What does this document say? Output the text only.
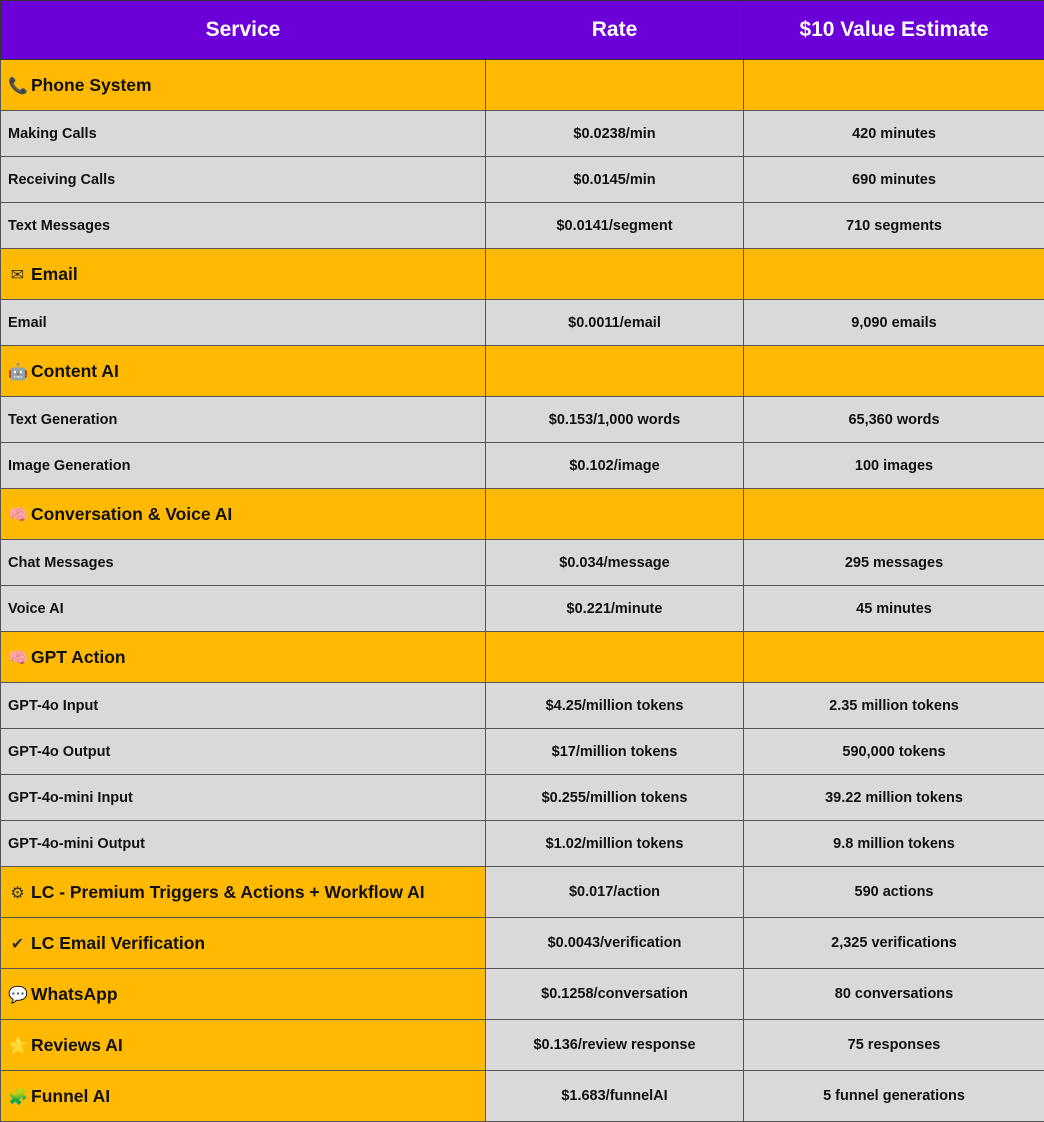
Service	Rate	$10 Value Estimate
📞 Phone System		
Making Calls	$0.0238/min	420 minutes
Receiving Calls	$0.0145/min	690 minutes
Text Messages	$0.0141/segment	710 segments
✉ Email		
Email	$0.0011/email	9,090 emails
🤖 Content AI		
Text Generation	$0.153/1,000 words	65,360 words
Image Generation	$0.102/image	100 images
🧠 Conversation & Voice AI		
Chat Messages	$0.034/message	295 messages
Voice AI	$0.221/minute	45 minutes
🧠 GPT Action		
GPT-4o Input	$4.25/million tokens	2.35 million tokens
GPT-4o Output	$17/million tokens	590,000 tokens
GPT-4o-mini Input	$0.255/million tokens	39.22 million tokens
GPT-4o-mini Output	$1.02/million tokens	9.8 million tokens
⚙ LC - Premium Triggers & Actions + Workflow AI	$0.017/action	590 actions
✔ LC Email Verification	$0.0043/verification	2,325 verifications
💬 WhatsApp	$0.1258/conversation	80 conversations
⭐ Reviews AI	$0.136/review response	75 responses
🧩 Funnel AI	$1.683/funnelAI	5 funnel generations
